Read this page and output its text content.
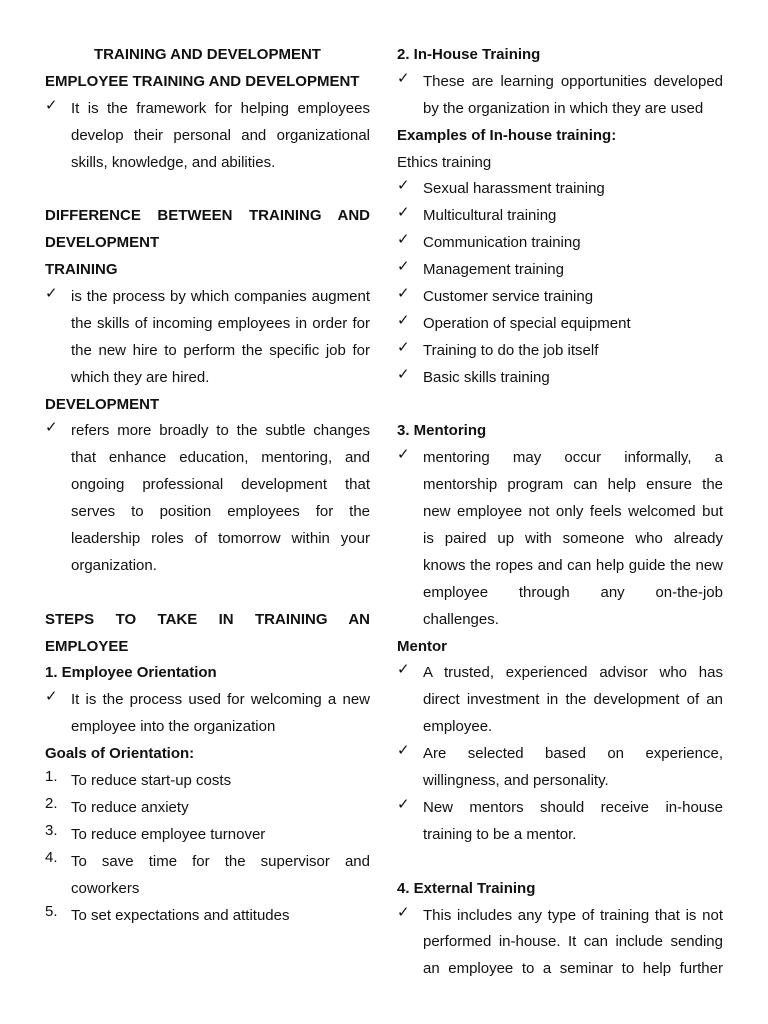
TRAINING AND DEVELOPMENT
EMPLOYEE TRAINING AND DEVELOPMENT
✓ It is the framework for helping employees
develop their personal and organizational
skills, knowledge, and abilities.
DIFFERENCE BETWEEN TRAINING AND
DEVELOPMENT
TRAINING
✓ is the process by which companies augment
the skills of incoming employees in order for
the new hire to perform the specific job for
which they are hired.
DEVELOPMENT
✓ refers more broadly to the subtle changes
that enhance education, mentoring, and
ongoing professional development that
serves to position employees for the
leadership roles of tomorrow within your
organization.
STEPS TO TAKE IN TRAINING AN
EMPLOYEE
1. Employee Orientation
✓ It is the process used for welcoming a new
employee into the organization
Goals of Orientation:
1. To reduce start-up costs
2. To reduce anxiety
3. To reduce employee turnover
4. To save time for the supervisor and
coworkers
5. To set expectations and attitudes
2. In-House Training
✓ These are learning opportunities developed
by the organization in which they are used
Examples of In-house training:
Ethics training
✓ Sexual harassment training
✓ Multicultural training
✓ Communication training
✓ Management training
✓ Customer service training
✓ Operation of special equipment
✓ Training to do the job itself
✓ Basic skills training
3. Mentoring
✓ mentoring may occur informally, a
mentorship program can help ensure the
new employee not only feels welcomed but
is paired up with someone who already
knows the ropes and can help guide the new
employee through any on-the-job
challenges.
Mentor
✓ A trusted, experienced advisor who has
direct investment in the development of an
employee.
✓ Are selected based on experience,
willingness, and personality.
✓ New mentors should receive in-house
training to be a mentor.
4. External Training
✓ This includes any type of training that is not
performed in-house. It can include sending
an employee to a seminar to help further
